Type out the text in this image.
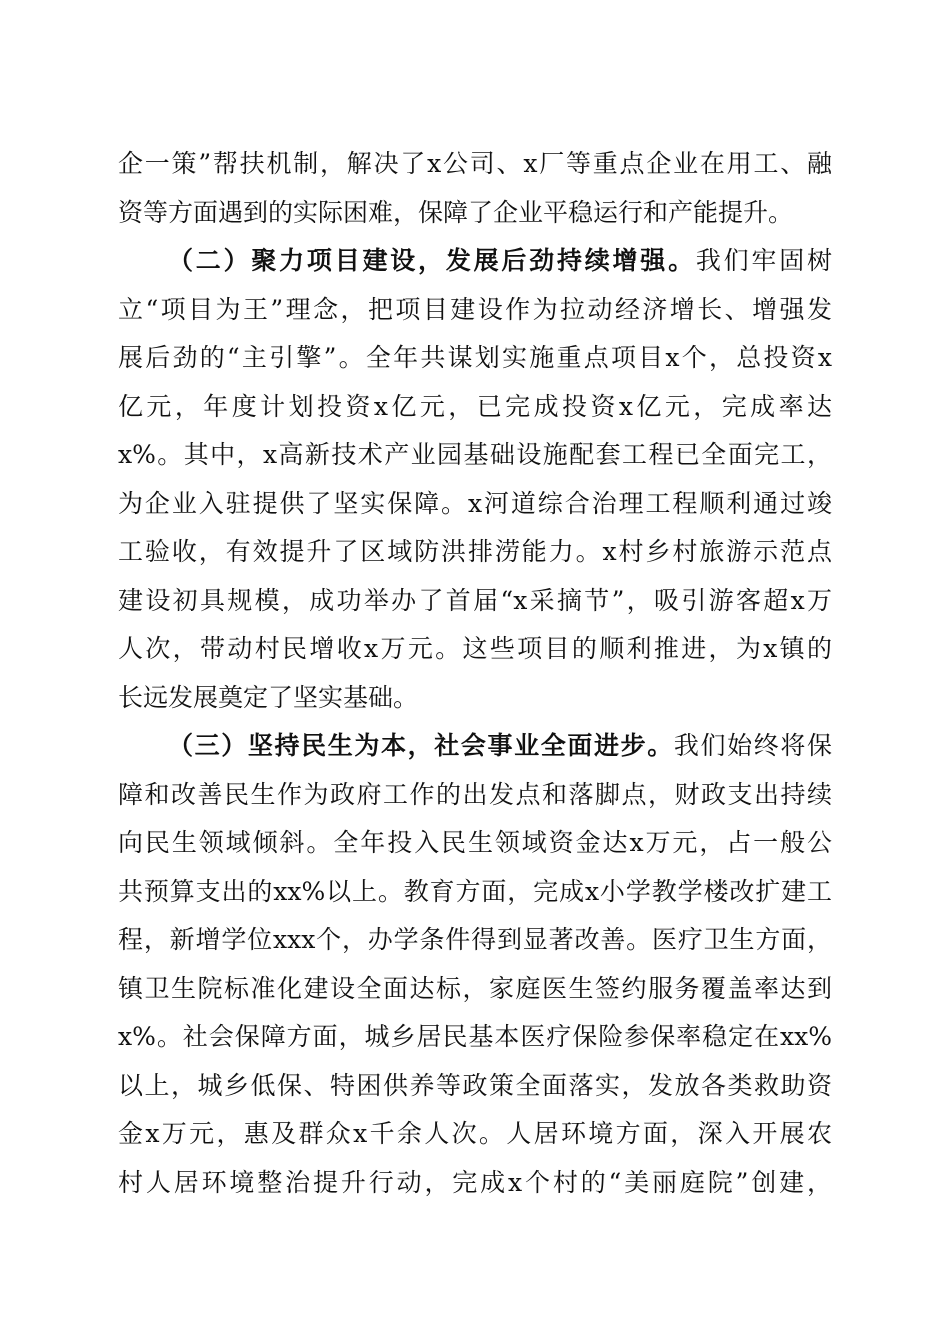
企一策”帮扶机制，解决了x公司、x厂等重点企业在用工、融
资等方面遇到的实际困难，保障了企业平稳运行和产能提升。
（二）聚力项目建设，发展后劲持续增强。我们牢固树
立“项目为王”理念，把项目建设作为拉动经济增长、增强发
展后劲的“主引擎”。全年共谋划实施重点项目x个，总投资x
亿元，年度计划投资x亿元，已完成投资x亿元，完成率达
x%。其中，x高新技术产业园基础设施配套工程已全面完工，
为企业入驻提供了坚实保障。x河道综合治理工程顺利通过竣
工验收，有效提升了区域防洪排涝能力。x村乡村旅游示范点
建设初具规模，成功举办了首届“x采摘节”，吸引游客超x万
人次，带动村民增收x万元。这些项目的顺利推进，为x镇的
长远发展奠定了坚实基础。
（三）坚持民生为本，社会事业全面进步。我们始终将保
障和改善民生作为政府工作的出发点和落脚点，财政支出持续
向民生领域倾斜。全年投入民生领域资金达x万元，占一般公
共预算支出的xx%以上。教育方面，完成x小学教学楼改扩建工
程，新增学位xxx个，办学条件得到显著改善。医疗卫生方面，
镇卫生院标准化建设全面达标，家庭医生签约服务覆盖率达到
x%。社会保障方面，城乡居民基本医疗保险参保率稳定在xx%
以上，城乡低保、特困供养等政策全面落实，发放各类救助资
金x万元，惠及群众x千余人次。人居环境方面，深入开展农
村人居环境整治提升行动，完成x个村的“美丽庭院”创建，
